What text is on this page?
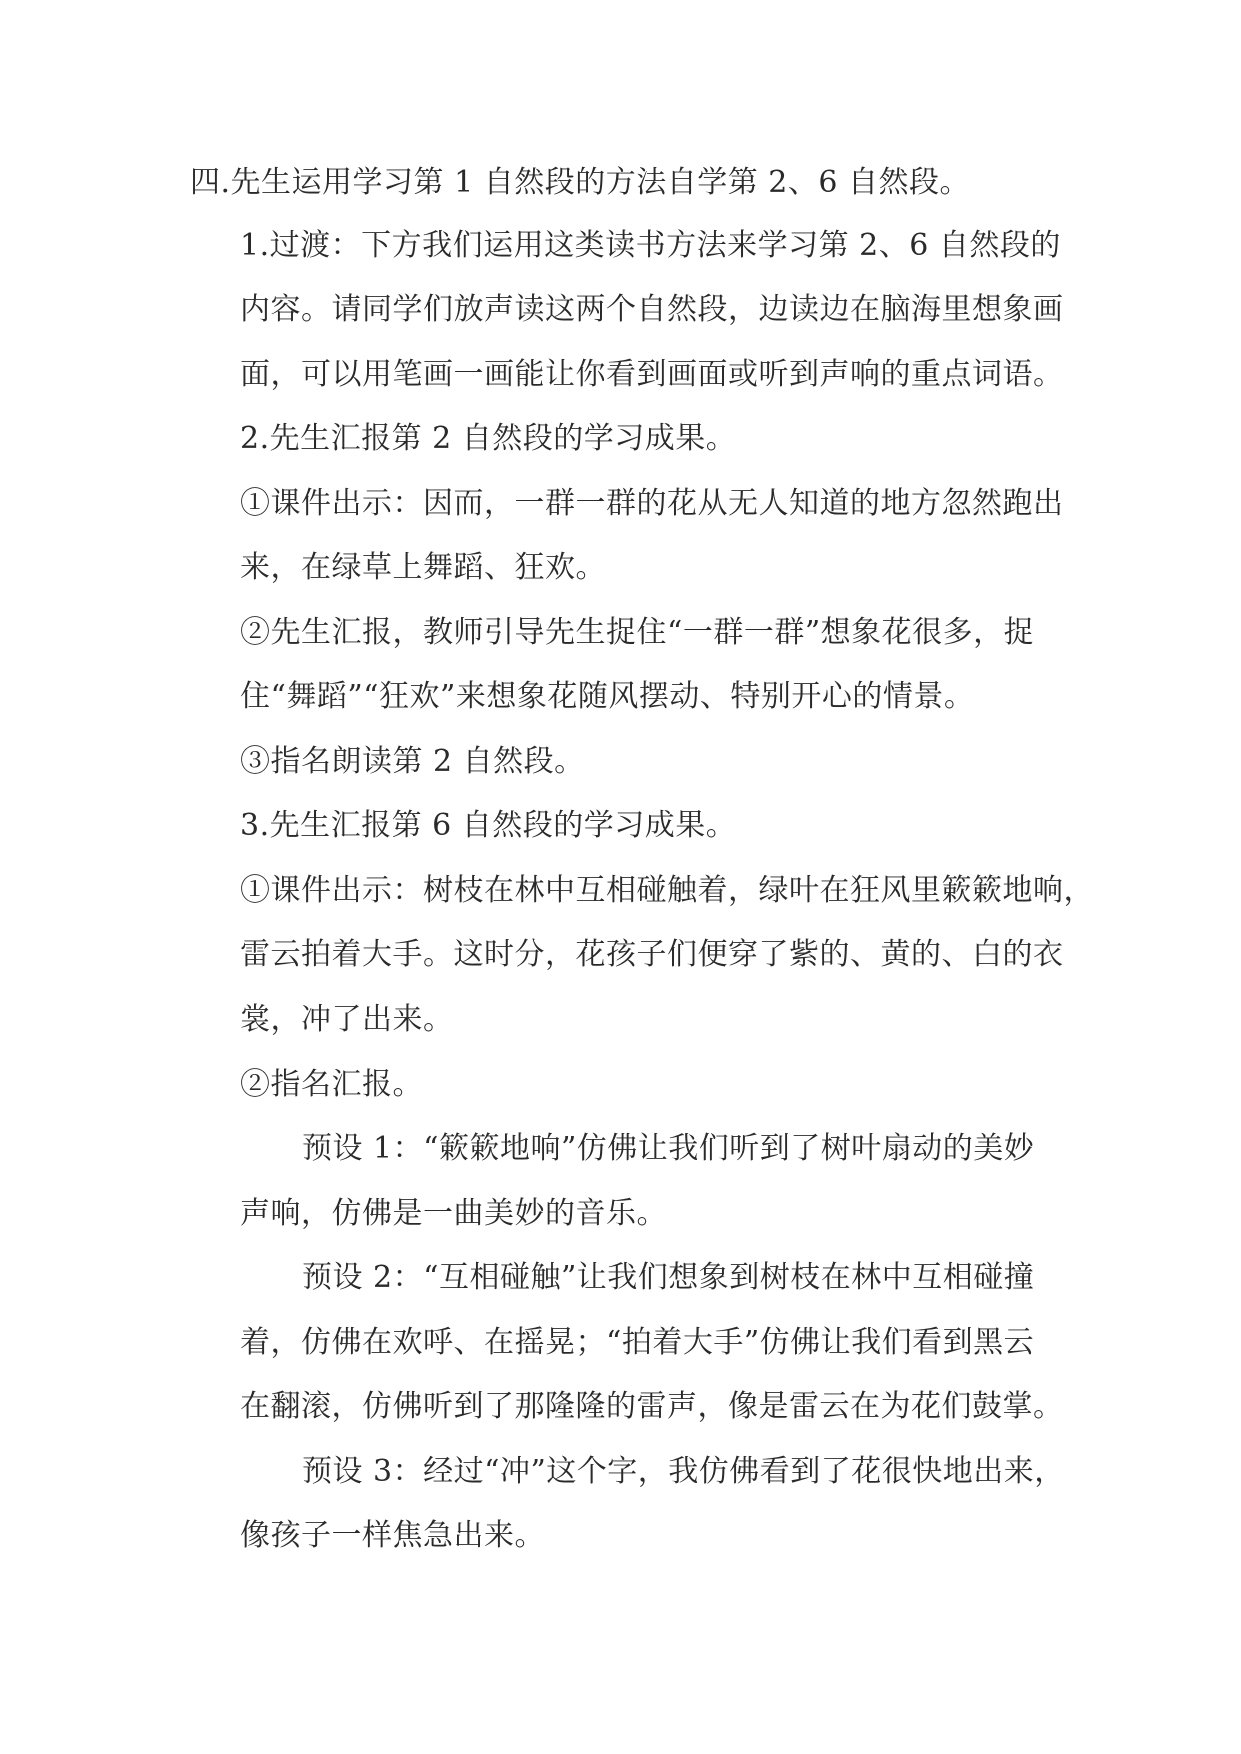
四.先生运用学习第 1 自然段的方法自学第 2、6 自然段。
1.过渡：下方我们运用这类读书方法来学习第 2、6 自然段的
内容。请同学们放声读这两个自然段，边读边在脑海里想象画
面，可以用笔画一画能让你看到画面或听到声响的重点词语。
2.先生汇报第 2 自然段的学习成果。
①课件出示：因而，一群一群的花从无人知道的地方忽然跑出
来，在绿草上舞蹈、狂欢。
②先生汇报，教师引导先生捉住“一群一群”想象花很多，捉
住“舞蹈”“狂欢”来想象花随风摆动、特别开心的情景。
③指名朗读第 2 自然段。
3.先生汇报第 6 自然段的学习成果。
①课件出示：树枝在林中互相碰触着，绿叶在狂风里簌簌地响，
雷云拍着大手。这时分，花孩子们便穿了紫的、黄的、白的衣
裳，冲了出来。
②指名汇报。
预设 1：“簌簌地响”仿佛让我们听到了树叶扇动的美妙
声响，仿佛是一曲美妙的音乐。
预设 2：“互相碰触”让我们想象到树枝在林中互相碰撞
着，仿佛在欢呼、在摇晃；“拍着大手”仿佛让我们看到黑云
在翻滚，仿佛听到了那隆隆的雷声，像是雷云在为花们鼓掌。
预设 3：经过“冲”这个字，我仿佛看到了花很快地出来，
像孩子一样焦急出来。
